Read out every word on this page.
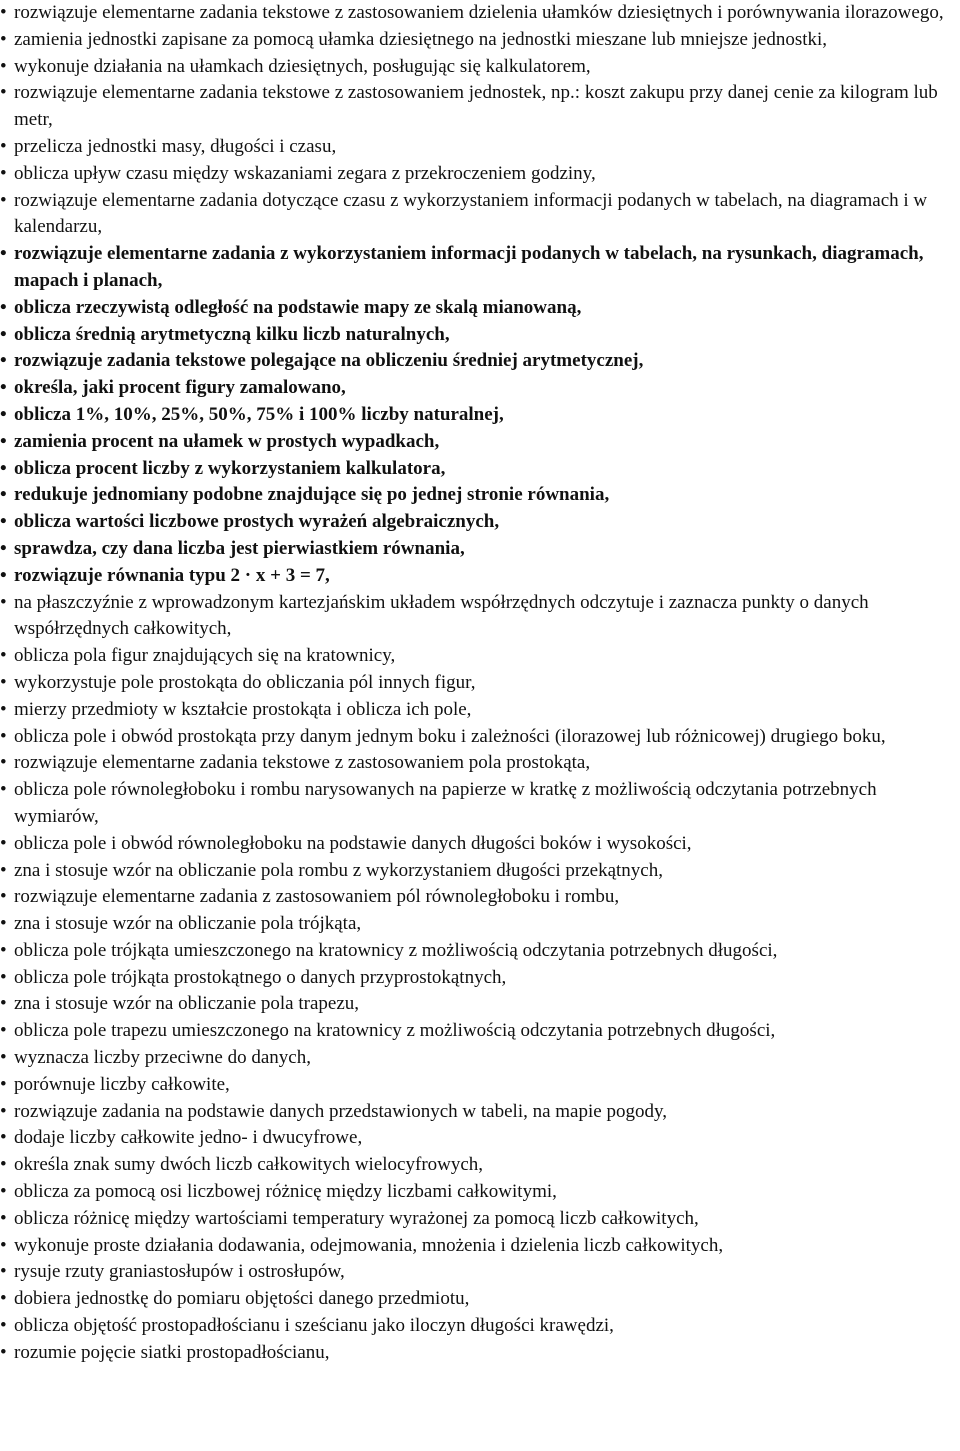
• rozwiązuje elementarne zadania tekstowe z zastosowaniem dzielenia ułamków dziesiętnych i porównywania ilorazowego,
• zamienia jednostki zapisane za pomocą ułamka dziesiętnego na jednostki mieszane lub mniejsze jednostki,
• wykonuje działania na ułamkach dziesiętnych, posługując się kalkulatorem,
• rozwiązuje elementarne zadania tekstowe z zastosowaniem jednostek, np.: koszt zakupu przy danej cenie za kilogram lub metr,
• przelicza jednostki masy, długości i czasu,
• oblicza upływ czasu między wskazaniami zegara z przekroczeniem godziny,
• rozwiązuje elementarne zadania dotyczące czasu z wykorzystaniem informacji podanych w tabelach, na diagramach i w kalendarzu,
• rozwiązuje elementarne zadania z wykorzystaniem informacji podanych w tabelach, na rysunkach, diagramach, mapach i planach,
• oblicza rzeczywistą odległość na podstawie mapy ze skalą mianowaną,
• oblicza średnią arytmetyczną kilku liczb naturalnych,
• rozwiązuje zadania tekstowe polegające na obliczeniu średniej arytmetycznej,
• określa, jaki procent figury zamalowano,
• oblicza 1%, 10%, 25%, 50%, 75% i 100% liczby naturalnej,
• zamienia procent na ułamek w prostych wypadkach,
• oblicza procent liczby z wykorzystaniem kalkulatora,
• redukuje jednomiany podobne znajdujące się po jednej stronie równania,
• oblicza wartości liczbowe prostych wyrażeń algebraicznych,
• sprawdza, czy dana liczba jest pierwiastkiem równania,
• rozwiązuje równania typu 2 · x + 3 = 7,
• na płaszczyźnie z wprowadzonym kartezjańskim układem współrzędnych odczytuje i zaznacza punkty o danych współrzędnych całkowitych,
• oblicza pola figur znajdujących się na kratownicy,
• wykorzystuje pole prostokąta do obliczania pól innych figur,
• mierzy przedmioty w kształcie prostokąta i oblicza ich pole,
• oblicza pole i obwód prostokąta przy danym jednym boku i zależności (ilorazowej lub różnicowej) drugiego boku,
• rozwiązuje elementarne zadania tekstowe z zastosowaniem pola prostokąta,
• oblicza pole równoległoboku i rombu narysowanych na papierze w kratkę z możliwością odczytania potrzebnych wymiarów,
• oblicza pole i obwód równoległoboku na podstawie danych długości boków i wysokości,
• zna i stosuje wzór na obliczanie pola rombu z wykorzystaniem długości przekątnych,
• rozwiązuje elementarne zadania z zastosowaniem pól równoległoboku i rombu,
• zna i stosuje wzór na obliczanie pola trójkąta,
• oblicza pole trójkąta umieszczonego na kratownicy z możliwością odczytania potrzebnych długości,
• oblicza pole trójkąta prostokątnego o danych przyprostokątnych,
• zna i stosuje wzór na obliczanie pola trapezu,
• oblicza pole trapezu umieszczonego na kratownicy z możliwością odczytania potrzebnych długości,
• wyznacza liczby przeciwne do danych,
• porównuje liczby całkowite,
• rozwiązuje zadania na podstawie danych przedstawionych w tabeli, na mapie pogody,
• dodaje liczby całkowite jedno- i dwucyfrowe,
• określa znak sumy dwóch liczb całkowitych wielocyfrowych,
• oblicza za pomocą osi liczbowej różnicę między liczbami całkowitymi,
• oblicza różnicę między wartościami temperatury wyrażonej za pomocą liczb całkowitych,
• wykonuje proste działania dodawania, odejmowania, mnożenia i dzielenia liczb całkowitych,
• rysuje rzuty graniastosłupów i ostrosłupów,
• dobiera jednostkę do pomiaru objętości danego przedmiotu,
• oblicza objętość prostopadłościanu i sześcianu jako iloczyn długości krawędzi,
• rozumie pojęcie siatki prostopadłościanu,
